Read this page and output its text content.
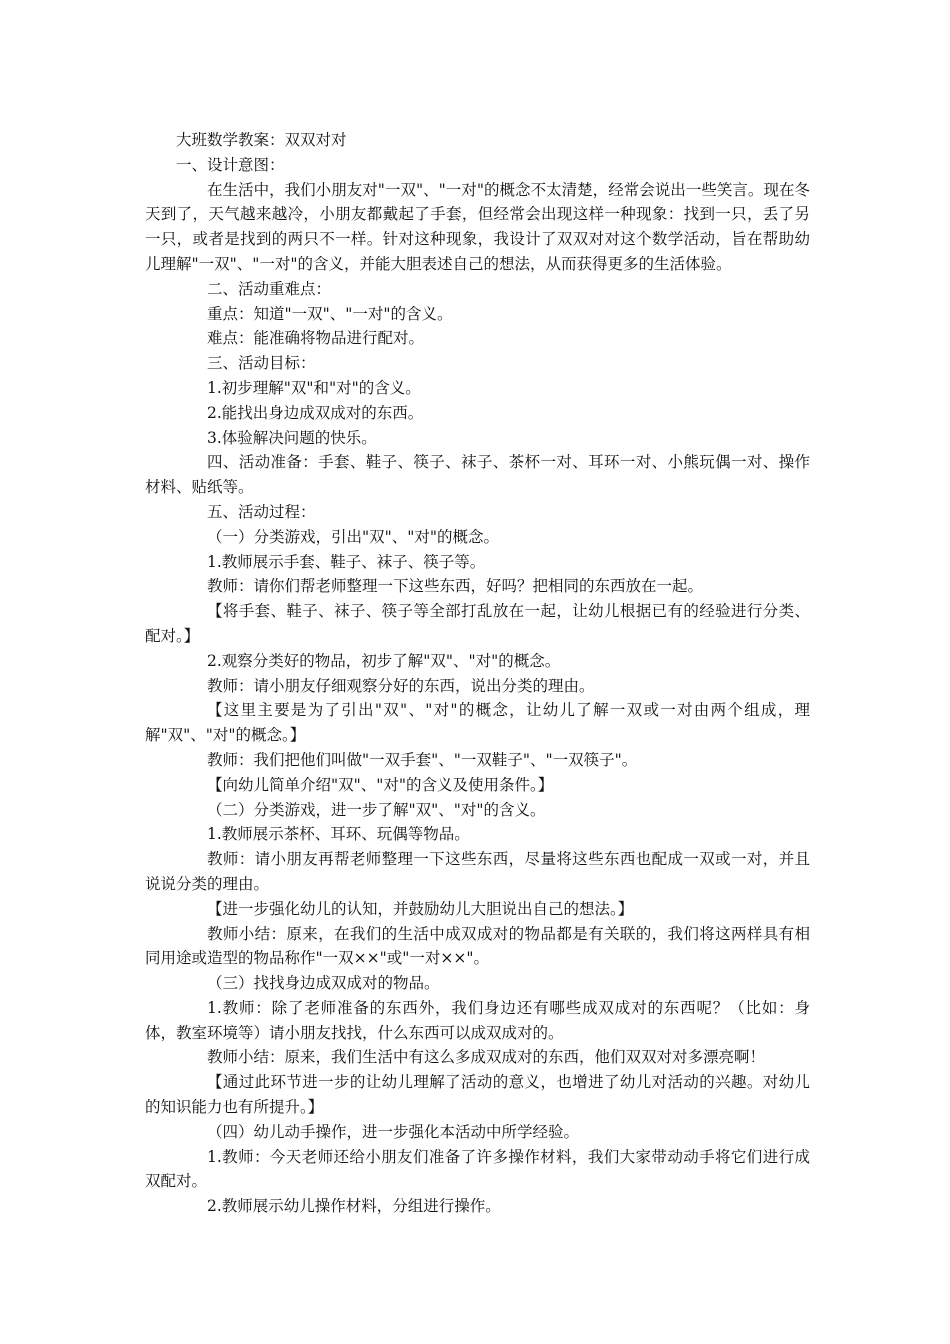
大班数学教案：双双对对

一、设计意图：

在生活中，我们小朋友对"一双"、"一对"的概念不太清楚，经常会说出一些笑言。现在冬天到了，天气越来越冷，小朋友都戴起了手套，但经常会出现这样一种现象：找到一只，丢了另一只，或者是找到的两只不一样。针对这种现象，我设计了双双对对这个数学活动，旨在帮助幼儿理解"一双"、"一对"的含义，并能大胆表述自己的想法，从而获得更多的生活体验。

二、活动重难点：

重点：知道"一双"、"一对"的含义。

难点：能准确将物品进行配对。

三、活动目标：

1.初步理解"双"和"对"的含义。

2.能找出身边成双成对的东西。

3.体验解决问题的快乐。

四、活动准备：手套、鞋子、筷子、袜子、茶杯一对、耳环一对、小熊玩偶一对、操作材料、贴纸等。

五、活动过程：

（一）分类游戏，引出"双"、"对"的概念。

1.教师展示手套、鞋子、袜子、筷子等。

教师：请你们帮老师整理一下这些东西，好吗？把相同的东西放在一起。

【将手套、鞋子、袜子、筷子等全部打乱放在一起，让幼儿根据已有的经验进行分类、配对。】

2.观察分类好的物品，初步了解"双"、"对"的概念。

教师：请小朋友仔细观察分好的东西，说出分类的理由。

【这里主要是为了引出"双"、"对"的概念，让幼儿了解一双或一对由两个组成，理解"双"、"对"的概念。】

教师：我们把他们叫做"一双手套"、"一双鞋子"、"一双筷子"。

【向幼儿简单介绍"双"、"对"的含义及使用条件。】

（二）分类游戏，进一步了解"双"、"对"的含义。

1.教师展示茶杯、耳环、玩偶等物品。

教师：请小朋友再帮老师整理一下这些东西，尽量将这些东西也配成一双或一对，并且说说分类的理由。

【进一步强化幼儿的认知，并鼓励幼儿大胆说出自己的想法。】

教师小结：原来，在我们的生活中成双成对的物品都是有关联的，我们将这两样具有相同用途或造型的物品称作"一双××"或"一对××"。

（三）找找身边成双成对的物品。

1.教师：除了老师准备的东西外，我们身边还有哪些成双成对的东西呢？（比如：身体，教室环境等）请小朋友找找，什么东西可以成双成对的。

教师小结：原来，我们生活中有这么多成双成对的东西，他们双双对对多漂亮啊！

【通过此环节进一步的让幼儿理解了活动的意义，也增进了幼儿对活动的兴趣。对幼儿的知识能力也有所提升。】

（四）幼儿动手操作，进一步强化本活动中所学经验。

1.教师：今天老师还给小朋友们准备了许多操作材料，我们大家带动动手将它们进行成双配对。

2.教师展示幼儿操作材料，分组进行操作。
